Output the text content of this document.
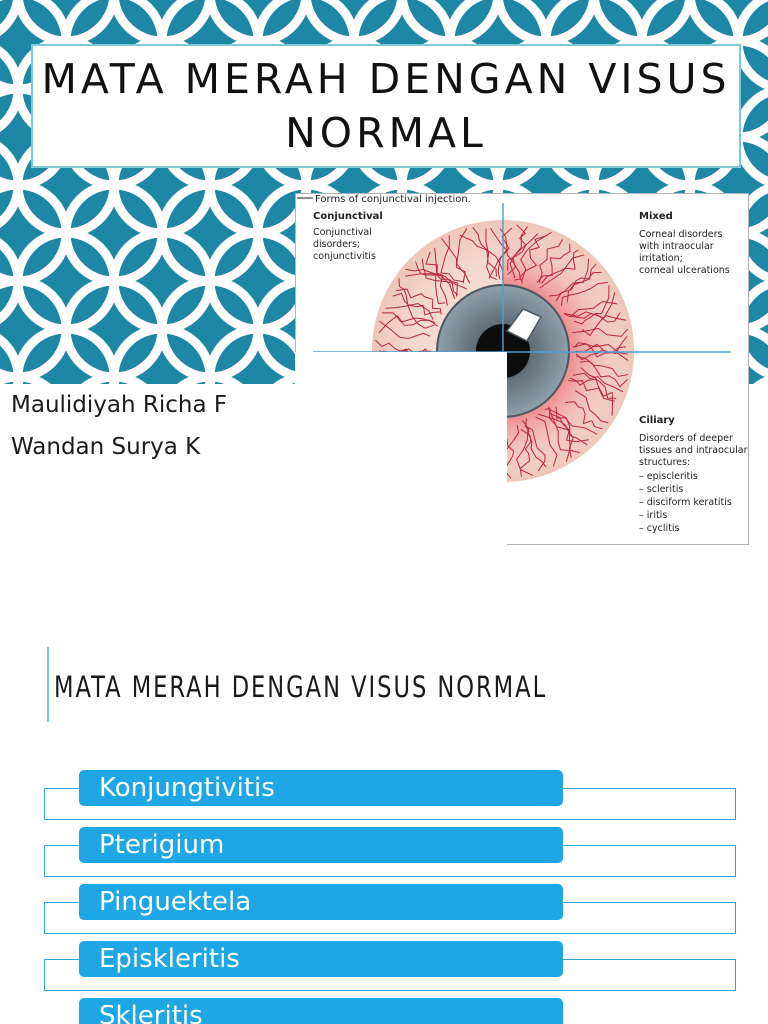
MATA MERAH DENGAN VISUS NORMAL
Maulidiyah Richa F
Wandan Surya K
Forms of conjunctival injection.
Conjunctival
Conjunctival
disorders;
conjunctivitis
Mixed
Corneal disorders
with intraocular
irritation;
corneal ulcerations
Ciliary
Disorders of deeper
tissues and intraocular
structures:
– episcleritis
– scleritis
– disciform keratitis
– iritis
– cyclitis
MATA MERAH DENGAN VISUS NORMAL
Konjungtivitis
Pterigium
Pinguektela
Episkleritis
Skleritis
